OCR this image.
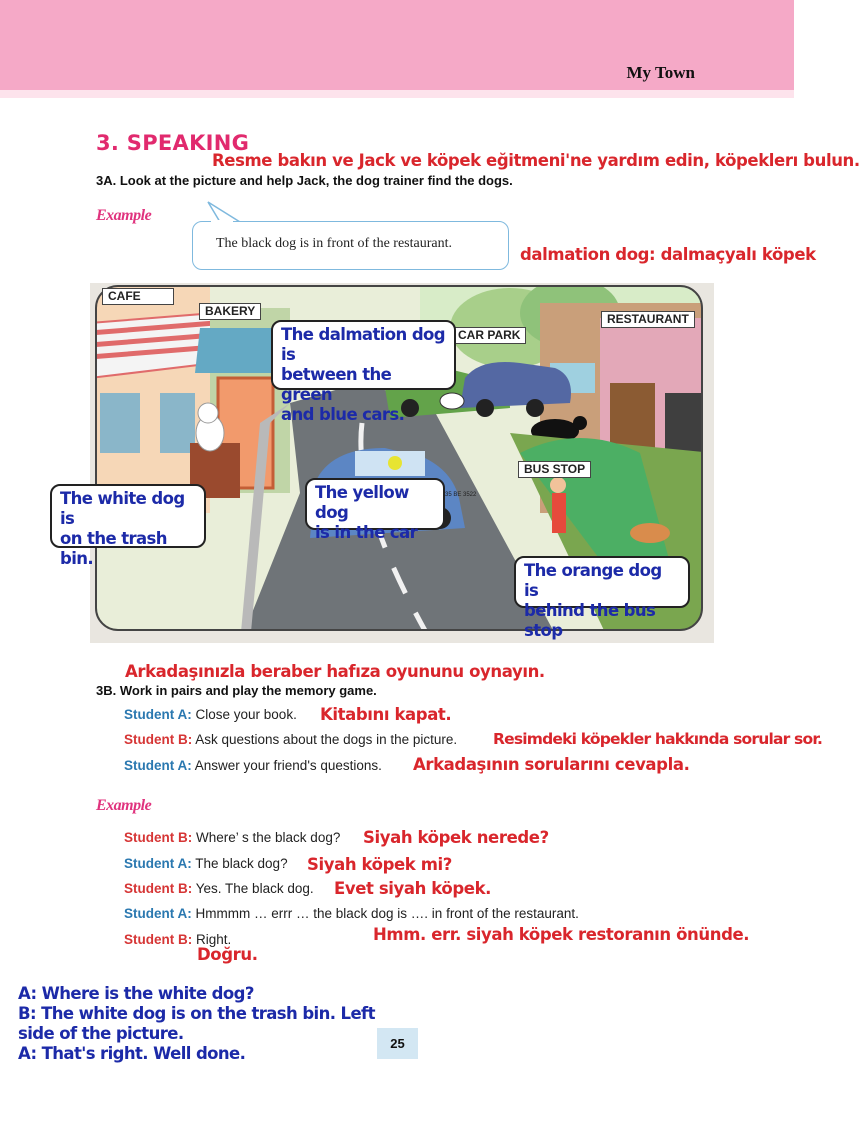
My Town
3. SPEAKING
Resme bakın ve Jack ve köpek eğitmeni'ne yardım edin, köpeklerı bulun.
3A. Look at the picture and help Jack, the dog trainer find the dogs.
Example
The black dog is in front of the restaurant.
dalmation dog: dalmaçyalı köpek
35 BE 3522
CAFE
BAKERY
CAR PARK
RESTAURANT
BUS STOP
The white dog is
on the trash bin.
The yellow dog
is in the car
The dalmation dog is
between the green
and blue cars.
The orange dog is
behind the bus stop
Arkadaşınızla beraber hafıza oyununu oynayın.
3B. Work in pairs and play the memory game.
Student A: Close your book. Kitabını kapat.
Student B: Ask questions about the dogs in the picture. Resimdeki köpekler hakkında sorular sor.
Student A: Answer your friend's questions. Arkadaşının sorularını cevapla.
Example
Student B: Where’ s the black dog? Siyah köpek nerede?
Student A: The black dog? Siyah köpek mi?
Student B: Yes. The black dog. Evet siyah köpek.
Student A: Hmmmm … errr … the black dog is …. in front of the restaurant.
Hmm. err. siyah köpek restoranın önünde.
Student B: Right.
Doğru.
A: Where is the white dog?
B: The white dog is on the trash bin. Left
side of the picture.
A: That's right. Well done.
25
